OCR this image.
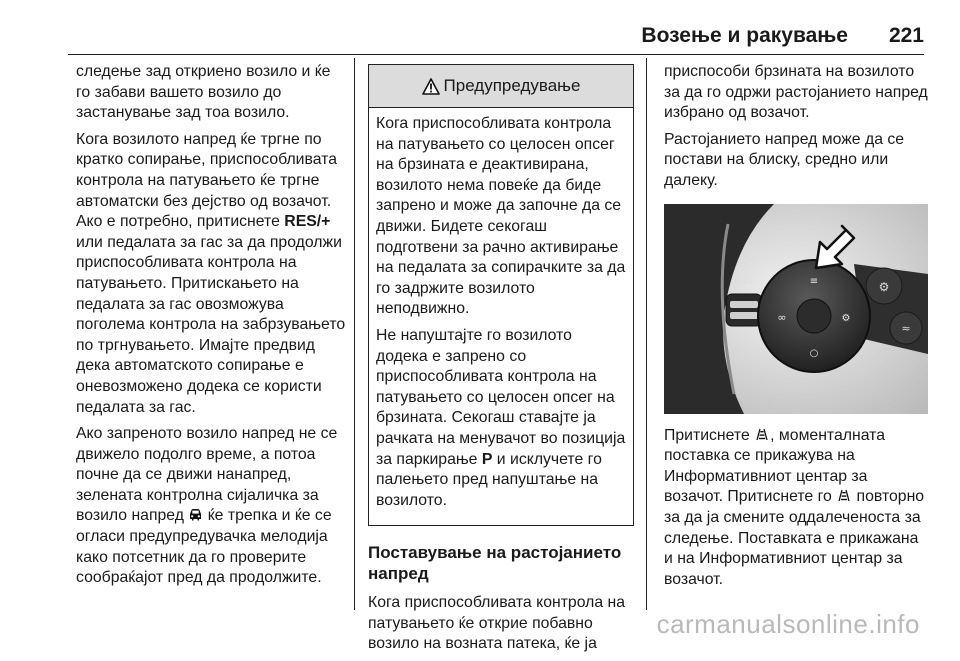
Возење и ракување 221

следење зад откриено возило и ќе го забави вашето возило до застанување зад тоа возило.

Кога возилото напред ќе тргне по кратко сопирање, приспособливата контрола на патувањето ќе тргне автоматски без дејство од возачот. Ако е потребно, притиснете RES/+ или педалата за гас за да продолжи приспособливата контрола на патувањето. Притискањето на педалата за гас овозможува поголема контрола на забрзувањето по тргнувањето. Имајте предвид дека автоматското сопирање е оневозможено додека се користи педалата за гас.

Ако запреното возило напред не се движело подолго време, а потоа почне да се движи нанапред, зелената контролна сијаличка за возило напред  ќе трепка и ќе се огласи предупредувачка мелодија како потсетник да го проверите сообраќајот пред да продолжите.

Предупредување

Кога приспособливата контрола на патувањето со целосен опсег на брзината е деактивирана, возилото нема повеќе да биде запрено и може да започне да се движи. Бидете секогаш подготвени за рачно активирање на педалата за сопирачките за да го задржите возилото неподвижно.

Не напуштајте го возилото додека е запрено со приспособливата контрола на патувањето со целосен опсег на брзината. Секогаш ставајте ја рачката на менувачот во позиција за паркирање P и исклучете го палењето пред напуштање на возилото.

Поставување на растојанието напред

Кога приспособливата контрола на патувањето ќе открие побавно возило на возната патека, ќе ја

приспособи брзината на возилото за да го одржи растојанието напред избрано од возачот.

Растојанието напред може да се постави на блиску, средно или далеку.

⚙
≈
RES+
SET-
≡
∞	⚙
○

Притиснете , моменталната поставка се прикажува на Информативниот центар за возачот. Притиснете го  повторно за да ја смените оддалеченоста за следење. Поставката е прикажана и на Информативниот центар за возачот.

carmanualsonline.info
